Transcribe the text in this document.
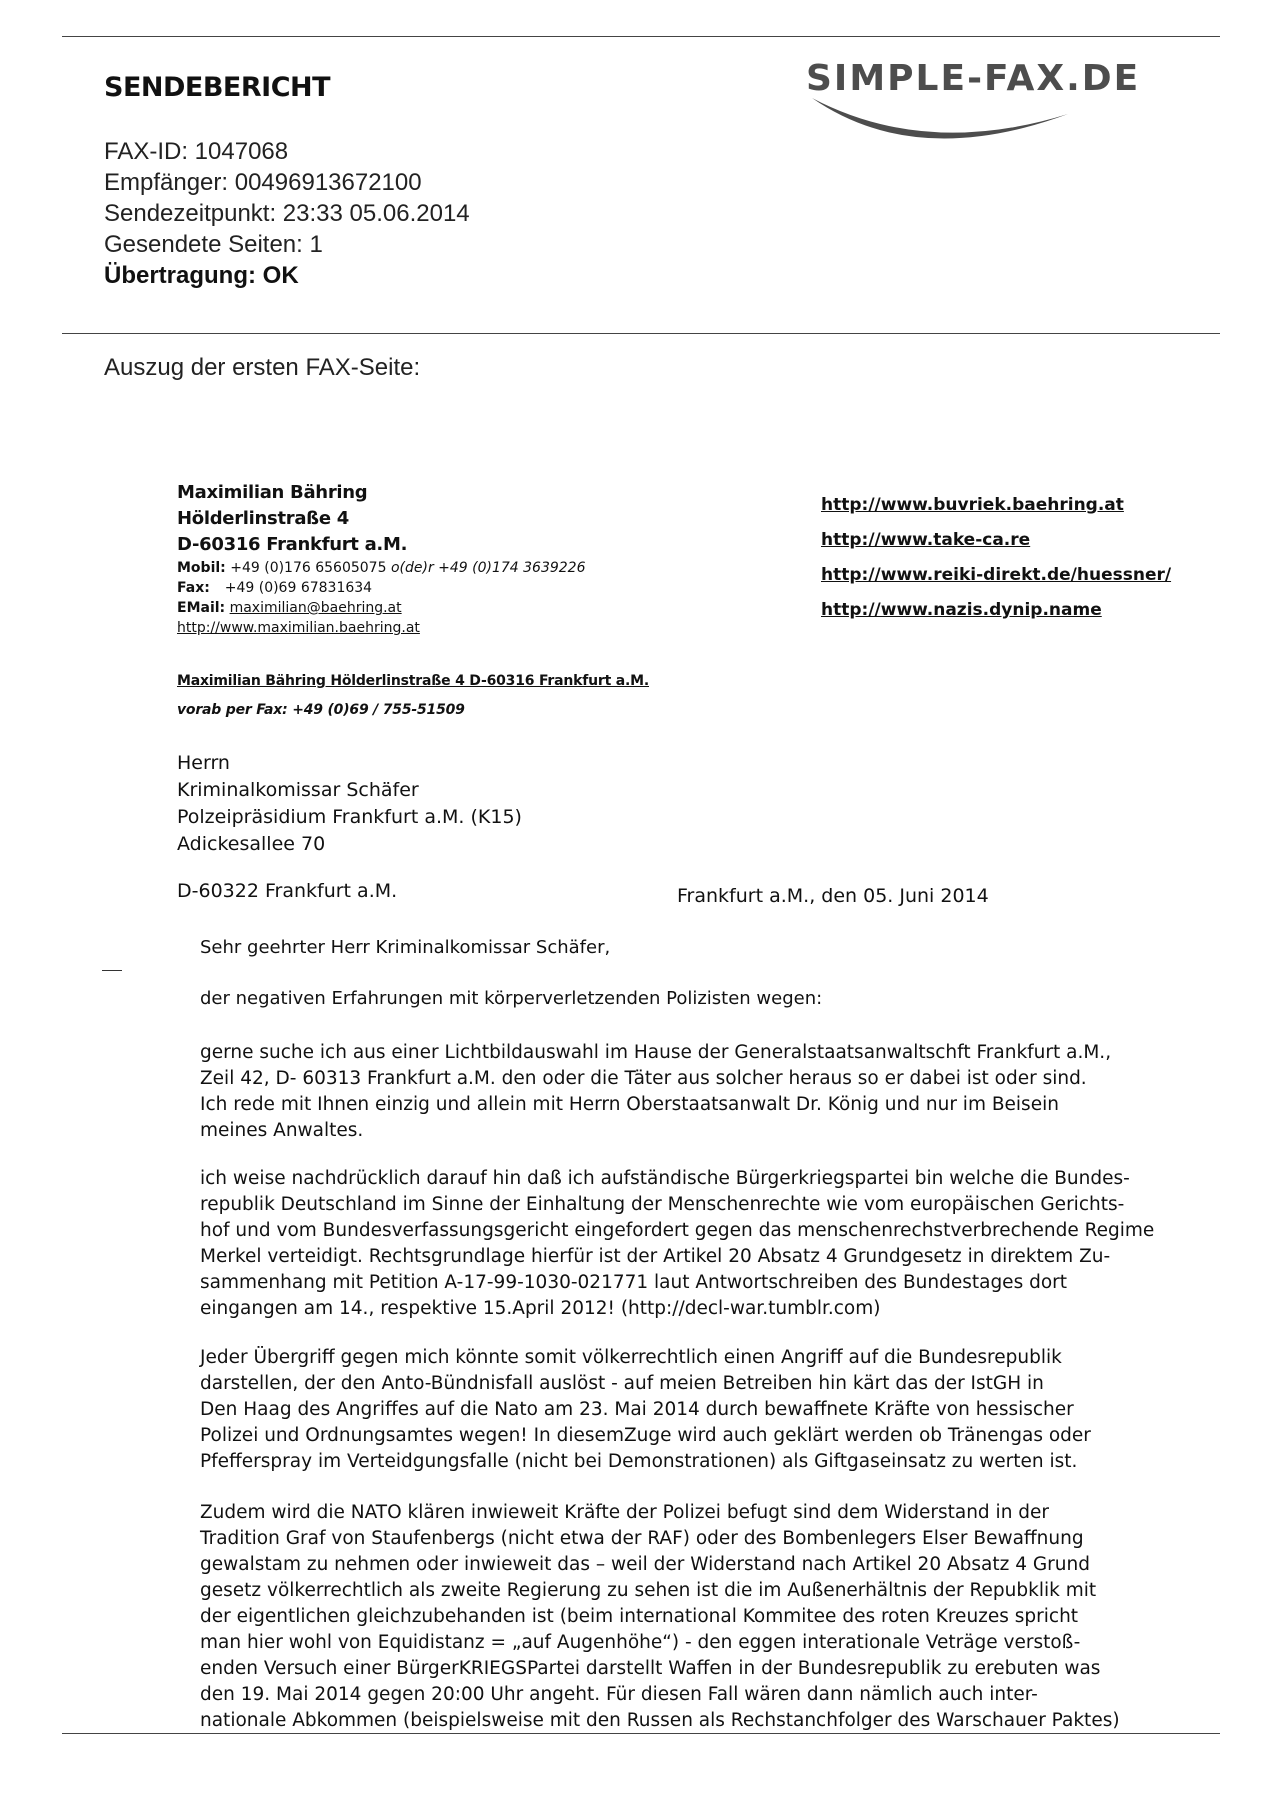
SENDEBERICHT	SIMPLE-FAX.DE
FAX-ID: 1047068
Empfänger: 00496913672100
Sendezeitpunkt: 23:33 05.06.2014
Gesendete Seiten: 1
Übertragung: OK
Auszug der ersten FAX-Seite:
Maximilian Bähring
Hölderlinstraße 4
D-60316 Frankfurt a.M.
Mobil: +49 (0)176 65605075 o(de)r +49 (0)174 3639226
Fax: +49 (0)69 67831634
EMail: maximilian@baehring.at
http://www.maximilian.baehring.at
http://www.buvriek.baehring.at
http://www.take-ca.re
http://www.reiki-direkt.de/huessner/
http://www.nazis.dynip.name
Maximilian Bähring Hölderlinstraße 4 D-60316 Frankfurt a.M.
vorab per Fax: +49 (0)69 / 755-51509
Herrn
Kriminalkomissar Schäfer
Polzeipräsidium Frankfurt a.M. (K15)
Adickesallee 70
D-60322 Frankfurt a.M.	Frankfurt a.M., den 05. Juni 2014
Sehr geehrter Herr Kriminalkomissar Schäfer,
der negativen Erfahrungen mit körperverletzenden Polizisten wegen:
gerne suche ich aus einer Lichtbildauswahl im Hause der Generalstaatsanwaltschft Frankfurt a.M.,
Zeil 42, D- 60313 Frankfurt a.M. den oder die Täter aus solcher heraus so er dabei ist oder sind.
Ich rede mit Ihnen einzig und allein mit Herrn Oberstaatsanwalt Dr. König und nur im Beisein
meines Anwaltes.
ich weise nachdrücklich darauf hin daß ich aufständische Bürgerkriegspartei bin welche die Bundes-
republik Deutschland im Sinne der Einhaltung der Menschenrechte wie vom europäischen Gerichts-
hof und vom Bundesverfassungsgericht eingefordert gegen das menschenrechstverbrechende Regime
Merkel verteidigt. Rechtsgrundlage hierfür ist der Artikel 20 Absatz 4 Grundgesetz in direktem Zu-
sammenhang mit Petition A-17-99-1030-021771 laut Antwortschreiben des Bundestages dort
eingangen am 14., respektive 15.April 2012! (http://decl-war.tumblr.com)
Jeder Übergriff gegen mich könnte somit völkerrechtlich einen Angriff auf die Bundesrepublik
darstellen, der den Anto-Bündnisfall auslöst - auf meien Betreiben hin kärt das der IstGH in
Den Haag des Angriffes auf die Nato am 23. Mai 2014 durch bewaffnete Kräfte von hessischer
Polizei und Ordnungsamtes wegen! In diesemZuge wird auch geklärt werden ob Tränengas oder
Pfefferspray im Verteidgungsfalle (nicht bei Demonstrationen) als Giftgaseinsatz zu werten ist.
Zudem wird die NATO klären inwieweit Kräfte der Polizei befugt sind dem Widerstand in der
Tradition Graf von Staufenbergs (nicht etwa der RAF) oder des Bombenlegers Elser Bewaffnung
gewalstam zu nehmen oder inwieweit das – weil der Widerstand nach Artikel 20 Absatz 4 Grund
gesetz völkerrechtlich als zweite Regierung zu sehen ist die im Außenerhältnis der Repubklik mit
der eigentlichen gleichzubehanden ist (beim international Kommitee des roten Kreuzes spricht
man hier wohl von Equidistanz = „auf Augenhöhe“) - den eggen interationale Veträge verstoß-
enden Versuch einer BürgerKRIEGSPartei darstellt Waffen in der Bundesrepublik zu erebuten was
den 19. Mai 2014 gegen 20:00 Uhr angeht. Für diesen Fall wären dann nämlich auch inter-
nationale Abkommen (beispielsweise mit den Russen als Rechstanchfolger des Warschauer Paktes)
